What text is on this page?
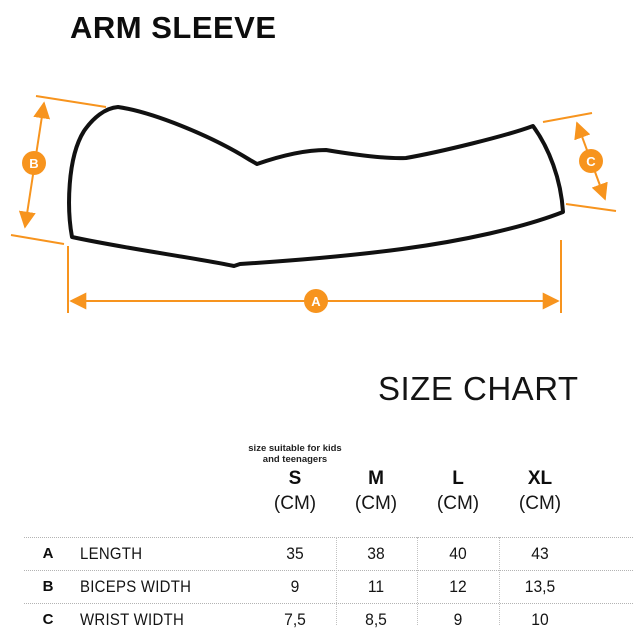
ARM SLEEVE
A
B	C
SIZE CHART
size suitable for kids
and teenagers
S	M	L	XL
(CM)	(CM)	(CM)	(CM)
A	LENGTH	35	38	40	43
B	BICEPS WIDTH	9	11	12	13,5
C	WRIST WIDTH	7,5	8,5	9	10
